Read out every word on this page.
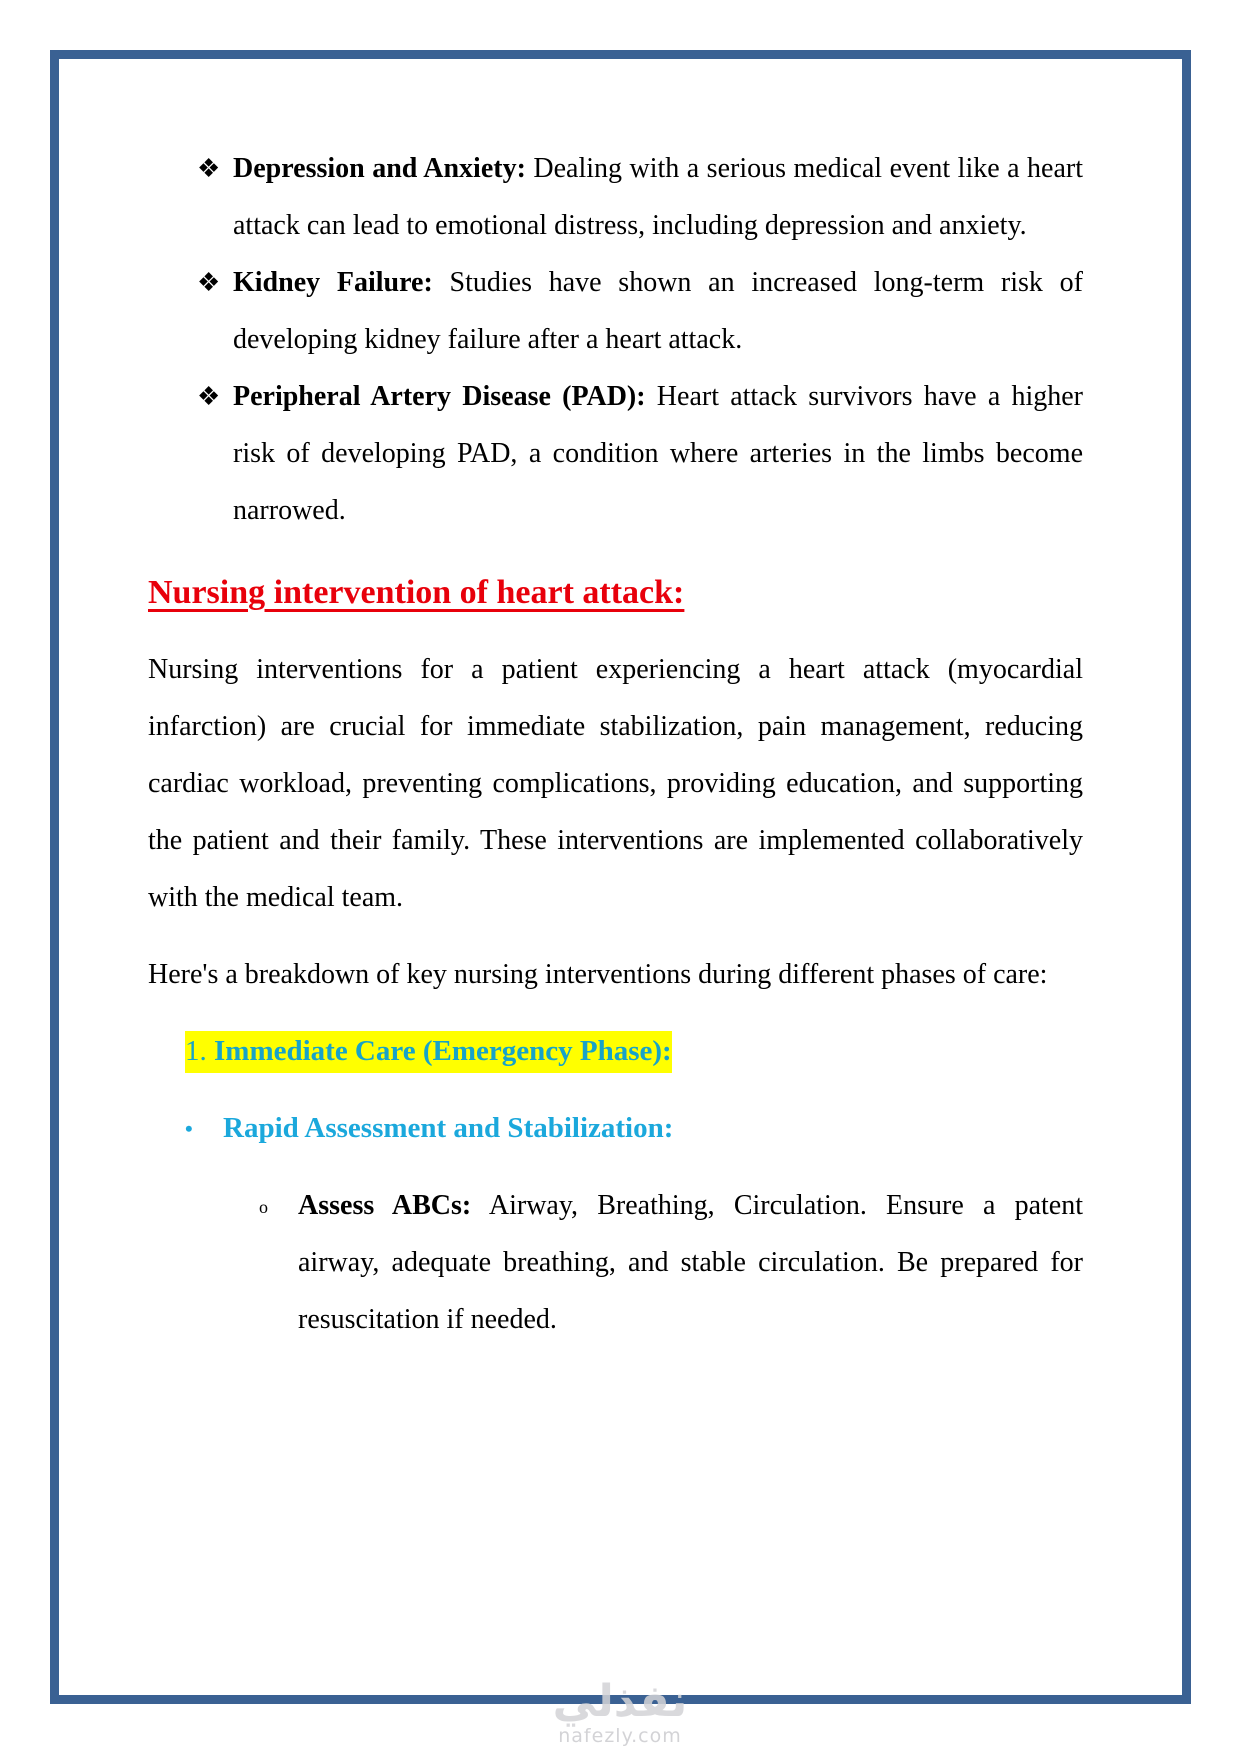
❖ Depression and Anxiety: Dealing with a serious medical event like a heart attack can lead to emotional distress, including depression and anxiety.
❖ Kidney Failure: Studies have shown an increased long-term risk of developing kidney failure after a heart attack.
❖ Peripheral Artery Disease (PAD): Heart attack survivors have a higher risk of developing PAD, a condition where arteries in the limbs become narrowed.
Nursing intervention of heart attack:

Nursing interventions for a patient experiencing a heart attack (myocardial infarction) are crucial for immediate stabilization, pain management, reducing cardiac workload, preventing complications, providing education, and supporting the patient and their family. These interventions are implemented collaboratively with the medical team.

Here's a breakdown of key nursing interventions during different phases of care:

1. Immediate Care (Emergency Phase):
• Rapid Assessment and Stabilization:
o Assess ABCs: Airway, Breathing, Circulation. Ensure a patent airway, adequate breathing, and stable circulation. Be prepared for resuscitation if needed.
نفذلي
nafezly.com
